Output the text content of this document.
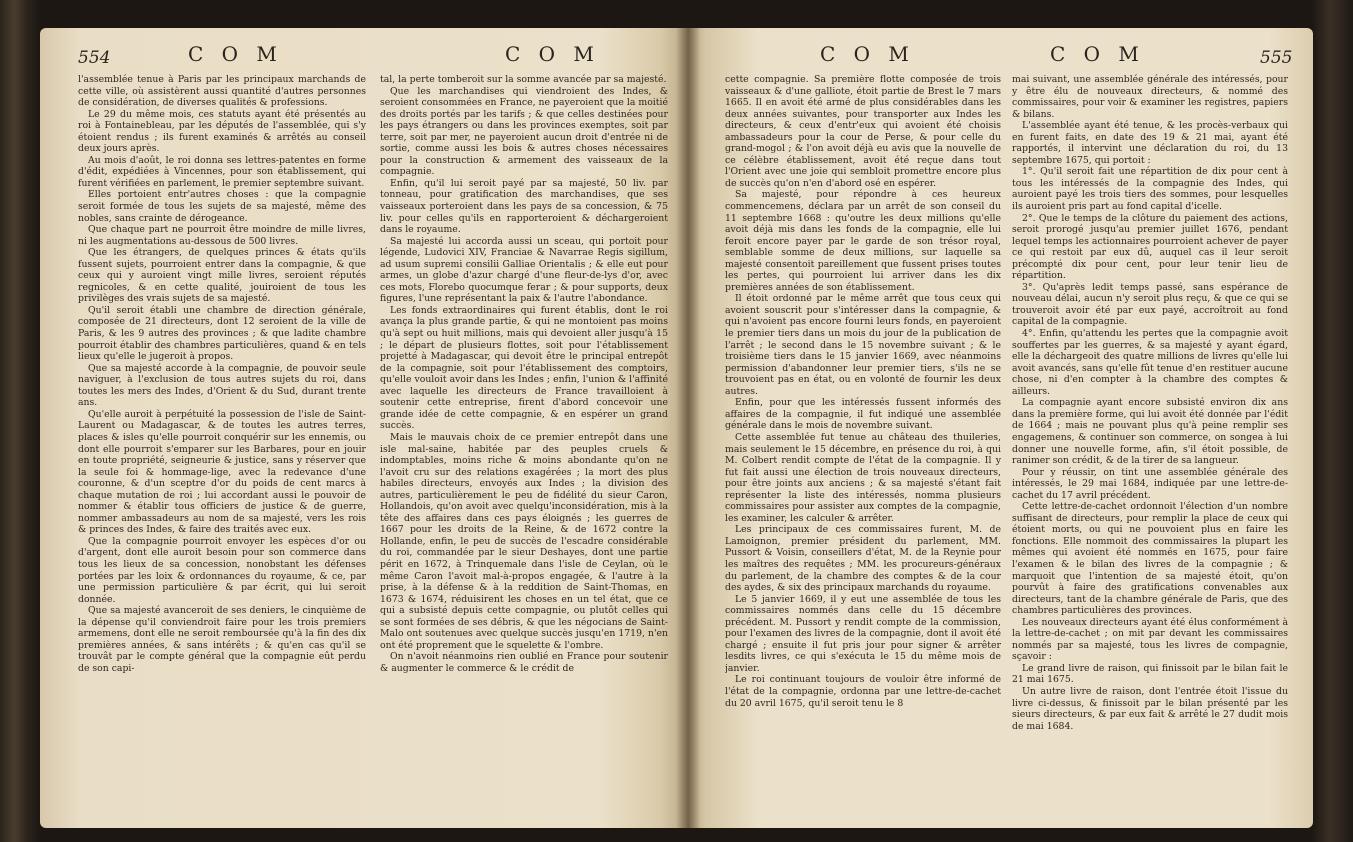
554	C O M	C O M	C O M	C O M	555

l'assemblée tenue à Paris par les principaux marchands de cette ville, où assistèrent aussi quantité d'autres personnes de considération, de diverses qualités & professions.

Le 29 du même mois, ces statuts ayant été présentés au roi à Fontainebleau, par les députés de l'assemblée, qui s'y étoient rendus ; ils furent examinés & arrêtés au conseil deux jours après.

Au mois d'août, le roi donna ses lettres-patentes en forme d'édit, expédiées à Vincennes, pour son établissement, qui furent vérifiées en parlement, le premier septembre suivant.

Elles portoient entr'autres choses : que la compagnie seroit formée de tous les sujets de sa majesté, même des nobles, sans crainte de dérogeance.

Que chaque part ne pourroit être moindre de mille livres, ni les augmentations au-dessous de 500 livres.

Que les étrangers, de quelques princes & états qu'ils fussent sujets, pourroient entrer dans la compagnie, & que ceux qui y auroient vingt mille livres, seroient réputés regnicoles, & en cette qualité, jouiroient de tous les privilèges des vrais sujets de sa majesté.

Qu'il seroit établi une chambre de direction générale, composée de 21 directeurs, dont 12 seroient de la ville de Paris, & les 9 autres des provinces ; & que ladite chambre pourroit établir des chambres particulières, quand & en tels lieux qu'elle le jugeroit à propos.

Que sa majesté accorde à la compagnie, de pouvoir seule naviguer, à l'exclusion de tous autres sujets du roi, dans toutes les mers des Indes, d'Orient & du Sud, durant trente ans.

Qu'elle auroit à perpétuité la possession de l'isle de Saint-Laurent ou Madagascar, & de toutes les autres terres, places & isles qu'elle pourroit conquérir sur les ennemis, ou dont elle pourroit s'emparer sur les Barbares, pour en jouir en toute propriété, seigneurie & justice, sans y réserver que la seule foi & hommage-lige, avec la redevance d'une couronne, & d'un sceptre d'or du poids de cent marcs à chaque mutation de roi ; lui accordant aussi le pouvoir de nommer & établir tous officiers de justice & de guerre, nommer ambassadeurs au nom de sa majesté, vers les rois & princes des Indes, & faire des traités avec eux.

Que la compagnie pourroit envoyer les espèces d'or ou d'argent, dont elle auroit besoin pour son commerce dans tous les lieux de sa concession, nonobstant les défenses portées par les loix & ordonnances du royaume, & ce, par une permission particulière & par écrit, qui lui seroit donnée.

Que sa majesté avanceroit de ses deniers, le cinquième de la dépense qu'il conviendroit faire pour les trois premiers armemens, dont elle ne seroit remboursée qu'à la fin des dix premières années, & sans intérêts ; & qu'en cas qu'il se trouvât par le compte général que la compagnie eût perdu de son capi-

tal, la perte tomberoit sur la somme avancée par sa majesté.

Que les marchandises qui viendroient des Indes, & seroient consommées en France, ne payeroient que la moitié des droits portés par les tarifs ; & que celles destinées pour les pays étrangers ou dans les provinces exemptes, soit par terre, soit par mer, ne payeroient aucun droit d'entrée ni de sortie, comme aussi les bois & autres choses nécessaires pour la construction & armement des vaisseaux de la compagnie.

Enfin, qu'il lui seroit payé par sa majesté, 50 liv. par tonneau, pour gratification des marchandises, que ses vaisseaux porteroient dans les pays de sa concession, & 75 liv. pour celles qu'ils en rapporteroient & déchargeroient dans le royaume.

Sa majesté lui accorda aussi un sceau, qui portoit pour légende, Ludovici XIV, Franciae & Navarrae Regis sigillum, ad usum supremi consilii Galliae Orientalis ; & elle eut pour armes, un globe d'azur chargé d'une fleur-de-lys d'or, avec ces mots, Florebo quocumque ferar ; & pour supports, deux figures, l'une représentant la paix & l'autre l'abondance.

Les fonds extraordinaires qui furent établis, dont le roi avança la plus grande partie, & qui ne montoient pas moins qu'à sept ou huit millions, mais qui devoient aller jusqu'à 15 ; le départ de plusieurs flottes, soit pour l'établissement projetté à Madagascar, qui devoit être le principal entrepôt de la compagnie, soit pour l'établissement des comptoirs, qu'elle vouloit avoir dans les Indes ; enfin, l'union & l'affinité avec laquelle les directeurs de France travailloient à soutenir cette entreprise, firent d'abord concevoir une grande idée de cette compagnie, & en espérer un grand succès.

Mais le mauvais choix de ce premier entrepôt dans une isle mal-saine, habitée par des peuples cruels & indomptables, moins riche & moins abondante qu'on ne l'avoit cru sur des relations exagérées ; la mort des plus habiles directeurs, envoyés aux Indes ; la division des autres, particulièrement le peu de fidélité du sieur Caron, Hollandois, qu'on avoit avec quelqu'inconsidération, mis à la tête des affaires dans ces pays éloignés ; les guerres de 1667 pour les droits de la Reine, & de 1672 contre la Hollande, enfin, le peu de succès de l'escadre considérable du roi, commandée par le sieur Deshayes, dont une partie périt en 1672, à Trinquemale dans l'isle de Ceylan, où le même Caron l'avoit mal-à-propos engagée, & l'autre à la prise, à la défense & à la reddition de Saint-Thomas, en 1673 & 1674, réduisirent les choses en un tel état, que ce qui a subsisté depuis cette compagnie, ou plutôt celles qui se sont formées de ses débris, & que les négocians de Saint-Malo ont soutenues avec quelque succès jusqu'en 1719, n'en ont été proprement que le squelette & l'ombre.

On n'avoit néanmoins rien oublié en France pour soutenir & augmenter le commerce & le crédit de

cette compagnie. Sa première flotte composée de trois vaisseaux & d'une galliote, étoit partie de Brest le 7 mars 1665. Il en avoit été armé de plus considérables dans les deux années suivantes, pour transporter aux Indes les directeurs, & ceux d'entr'eux qui avoient été choisis ambassadeurs pour la cour de Perse, & pour celle du grand-mogol ; & l'on avoit déjà eu avis que la nouvelle de ce célèbre établissement, avoit été reçue dans tout l'Orient avec une joie qui sembloit promettre encore plus de succès qu'on n'en d'abord osé en espérer.

Sa majesté, pour répondre à ces heureux commencemens, déclara par un arrêt de son conseil du 11 septembre 1668 : qu'outre les deux millions qu'elle avoit déjà mis dans les fonds de la compagnie, elle lui feroit encore payer par le garde de son trésor royal, semblable somme de deux millions, sur laquelle sa majesté consentoit pareillement que fussent prises toutes les pertes, qui pourroient lui arriver dans les dix premières années de son établissement.

Il étoit ordonné par le même arrêt que tous ceux qui avoient souscrit pour s'intéresser dans la compagnie, & qui n'avoient pas encore fourni leurs fonds, en payeroient le premier tiers dans un mois du jour de la publication de l'arrêt ; le second dans le 15 novembre suivant ; & le troisième tiers dans le 15 janvier 1669, avec néanmoins permission d'abandonner leur premier tiers, s'ils ne se trouvoient pas en état, ou en volonté de fournir les deux autres.

Enfin, pour que les intéressés fussent informés des affaires de la compagnie, il fut indiqué une assemblée générale dans le mois de novembre suivant.

Cette assemblée fut tenue au château des thuileries, mais seulement le 15 décembre, en présence du roi, à qui M. Colbert rendit compte de l'état de la compagnie. Il y fut fait aussi une élection de trois nouveaux directeurs, pour être joints aux anciens ; & sa majesté s'étant fait représenter la liste des intéressés, nomma plusieurs commissaires pour assister aux comptes de la compagnie, les examiner, les calculer & arrêter.

Les principaux de ces commissaires furent, M. de Lamoignon, premier président du parlement, MM. Pussort & Voisin, conseillers d'état, M. de la Reynie pour les maîtres des requêtes ; MM. les procureurs-généraux du parlement, de la chambre des comptes & de la cour des aydes, & six des principaux marchands du royaume.

Le 5 janvier 1669, il y eut une assemblée de tous les commissaires nommés dans celle du 15 décembre précédent. M. Pussort y rendit compte de la commission, pour l'examen des livres de la compagnie, dont il avoit été chargé ; ensuite il fut pris jour pour signer & arrêter lesdits livres, ce qui s'exécuta le 15 du même mois de janvier.

Le roi continuant toujours de vouloir être informé de l'état de la compagnie, ordonna par une lettre-de-cachet du 20 avril 1675, qu'il seroit tenu le 8

mai suivant, une assemblée générale des intéressés, pour y être élu de nouveaux directeurs, & nommé des commissaires, pour voir & examiner les registres, papiers & bilans.

L'assemblée ayant été tenue, & les procès-verbaux qui en furent faits, en date des 19 & 21 mai, ayant été rapportés, il intervint une déclaration du roi, du 13 septembre 1675, qui portoit :

1°. Qu'il seroit fait une répartition de dix pour cent à tous les intéressés de la compagnie des Indes, qui auroient payé les trois tiers des sommes, pour lesquelles ils auroient pris part au fond capital d'icelle.

2°. Que le temps de la clôture du paiement des actions, seroit prorogé jusqu'au premier juillet 1676, pendant lequel temps les actionnaires pourroient achever de payer ce qui restoit par eux dû, auquel cas il leur seroit précompté dix pour cent, pour leur tenir lieu de répartition.

3°. Qu'après ledit temps passé, sans espérance de nouveau délai, aucun n'y seroit plus reçu, & que ce qui se trouveroit avoir été par eux payé, accroîtroit au fond capital de la compagnie.

4°. Enfin, qu'attendu les pertes que la compagnie avoit souffertes par les guerres, & sa majesté y ayant égard, elle la déchargeoit des quatre millions de livres qu'elle lui avoit avancés, sans qu'elle fût tenue d'en restituer aucune chose, ni d'en compter à la chambre des comptes & ailleurs.

La compagnie ayant encore subsisté environ dix ans dans la première forme, qui lui avoit été donnée par l'édit de 1664 ; mais ne pouvant plus qu'à peine remplir ses engagemens, & continuer son commerce, on songea à lui donner une nouvelle forme, afin, s'il étoit possible, de ranimer son crédit, & de la tirer de sa langueur.

Pour y réussir, on tint une assemblée générale des intéressés, le 29 mai 1684, indiquée par une lettre-de-cachet du 17 avril précédent.

Cette lettre-de-cachet ordonnoit l'élection d'un nombre suffisant de directeurs, pour remplir la place de ceux qui étoient morts, ou qui ne pouvoient plus en faire les fonctions. Elle nommoit des commissaires la plupart les mêmes qui avoient été nommés en 1675, pour faire l'examen & le bilan des livres de la compagnie ; & marquoit que l'intention de sa majesté étoit, qu'on pourvût à faire des gratifications convenables aux directeurs, tant de la chambre générale de Paris, que des chambres particulières des provinces.

Les nouveaux directeurs ayant été élus conformément à la lettre-de-cachet ; on mit par devant les commissaires nommés par sa majesté, tous les livres de compagnie, sçavoir :

Le grand livre de raison, qui finissoit par le bilan fait le 21 mai 1675.

Un autre livre de raison, dont l'entrée étoit l'issue du livre ci-dessus, & finissoit par le bilan présenté par les sieurs directeurs, & par eux fait & arrêté le 27 dudit mois de mai 1684.
